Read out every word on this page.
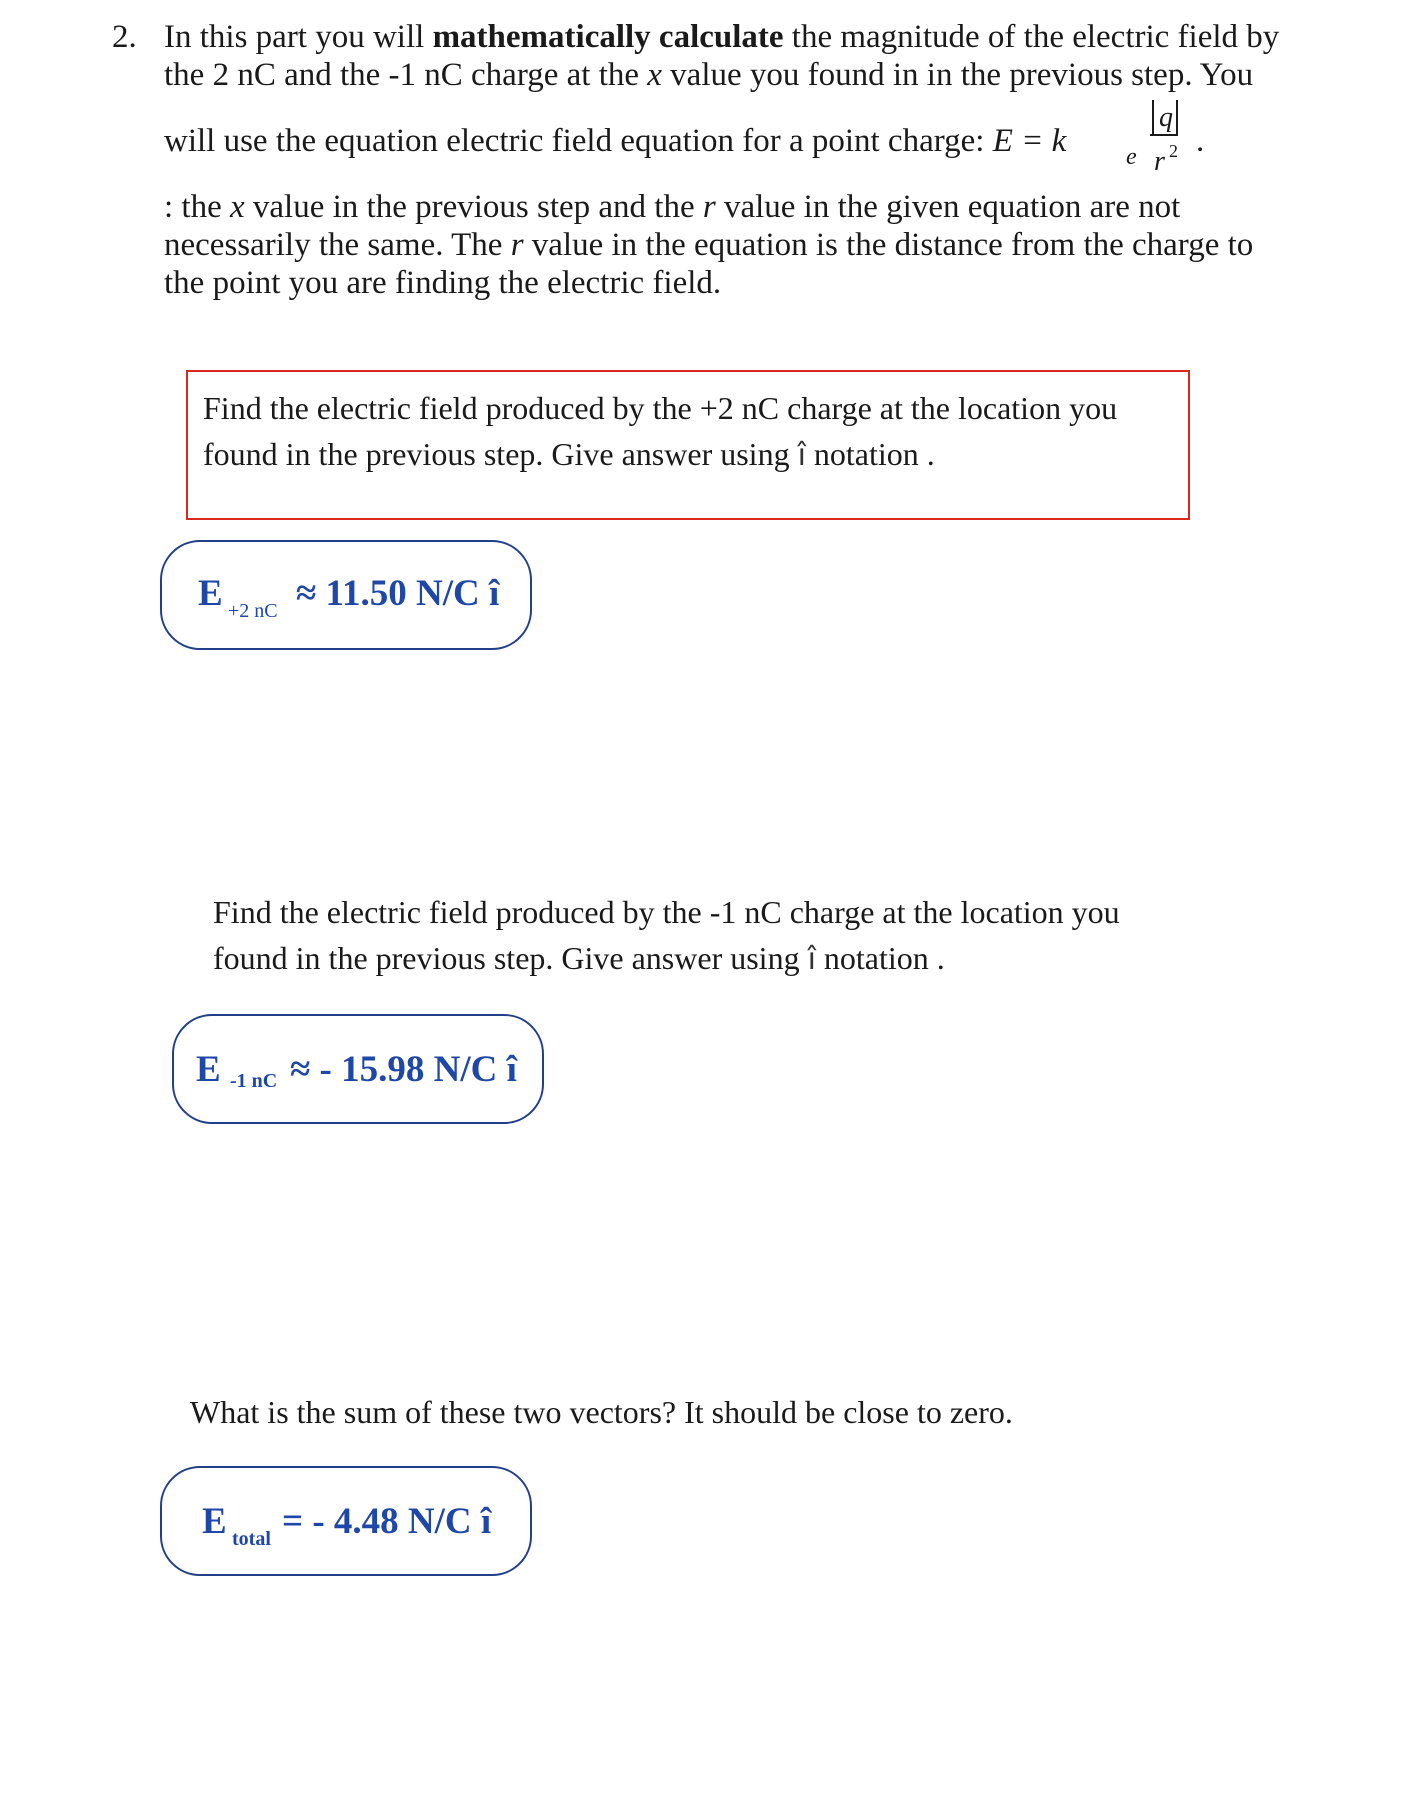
2. In this part you will mathematically calculate the magnitude of the electric field by
the 2 nC and the -1 nC charge at the x value you found in in the previous step. You
will use the equation electric field equation for a point charge: E = k e
q
r 2 .
: the x value in the previous step and the r value in the given equation are not
necessarily the same. The r value in the equation is the distance from the charge to
the point you are finding the electric field.
Find the electric field produced by the +2 nC charge at the location you
found in the previous step. Give answer using î notation .
E +2 nC ≈ 11.50 N/C î
Find the electric field produced by the -1 nC charge at the location you
found in the previous step. Give answer using î notation .
E -1 nC ≈ - 15.98 N/C î
What is the sum of these two vectors? It should be close to zero.
E total = - 4.48 N/C î
